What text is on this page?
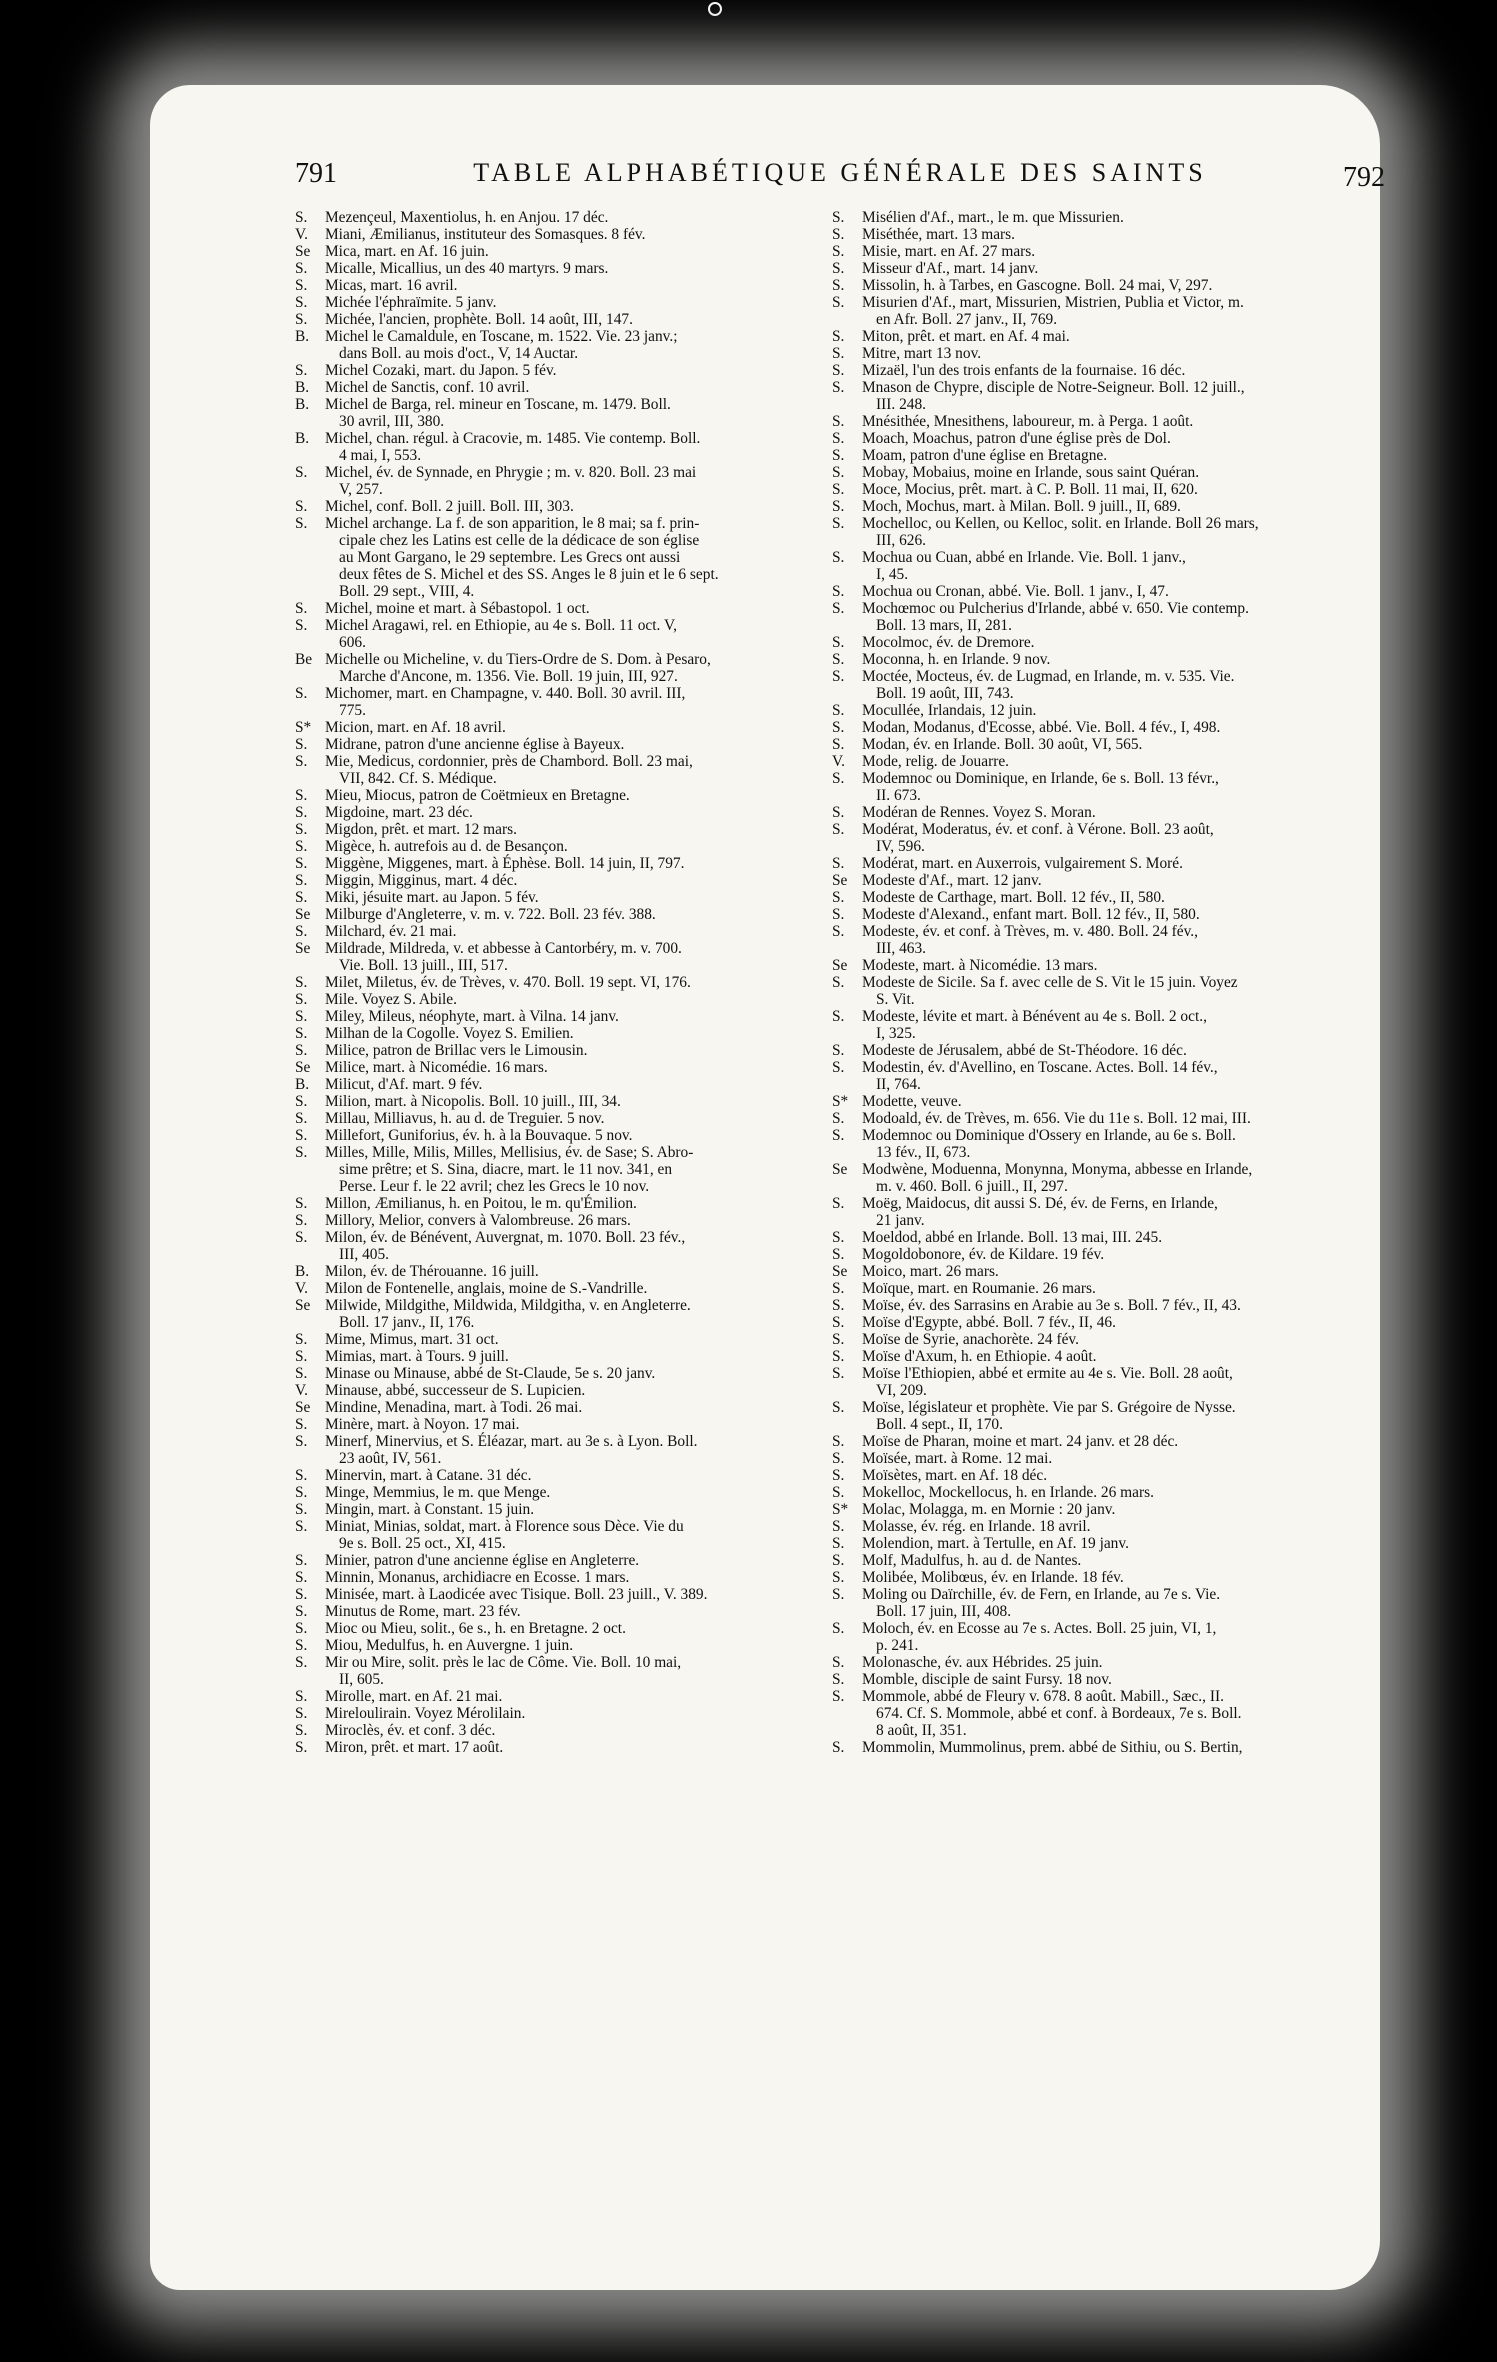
791	TABLE ALPHABÉTIQUE GÉNÉRALE DES SAINTS	792
S.	Mezençeul, Maxentiolus, h. en Anjou. 17 déc.
V.	Miani, Æmilianus, instituteur des Somasques. 8 fév.
Se Mica, mart. en Af. 16 juin.
S.	Micalle, Micallius, un des 40 martyrs. 9 mars.
S.	Micas, mart. 16 avril.
S.	Michée l'éphraïmite. 5 janv.
S.	Michée, l'ancien, prophète. Boll. 14 août, III, 147.
B.	Michel le Camaldule, en Toscane, m. 1522. Vie. 23 janv.;
dans Boll. au mois d'oct., V, 14 Auctar.
S.	Michel Cozaki, mart. du Japon. 5 fév.
B.	Michel de Sanctis, conf. 10 avril.
B.	Michel de Barga, rel. mineur en Toscane, m. 1479. Boll.
30 avril, III, 380.
B.	Michel, chan. régul. à Cracovie, m. 1485. Vie contemp. Boll.
4 mai, I, 553.
S.	Michel, év. de Synnade, en Phrygie ; m. v. 820. Boll. 23 mai
V, 257.
S.	Michel, conf. Boll. 2 juill. Boll. III, 303.
S.	Michel archange. La f. de son apparition, le 8 mai; sa f. prin-
cipale chez les Latins est celle de la dédicace de son église
au Mont Gargano, le 29 septembre. Les Grecs ont aussi
deux fêtes de S. Michel et des SS. Anges le 8 juin et le 6 sept.
Boll. 29 sept., VIII, 4.
S.	Michel, moine et mart. à Sébastopol. 1 oct.
S.	Michel Aragawi, rel. en Ethiopie, au 4e s. Boll. 11 oct. V,
606.
Be Michelle ou Micheline, v. du Tiers-Ordre de S. Dom. à Pesaro,
Marche d'Ancone, m. 1356. Vie. Boll. 19 juin, III, 927.
S.	Michomer, mart. en Champagne, v. 440. Boll. 30 avril. III,
775.
S* Micion, mart. en Af. 18 avril.
S.	Midrane, patron d'une ancienne église à Bayeux.
S.	Mie, Medicus, cordonnier, près de Chambord. Boll. 23 mai,
VII, 842. Cf. S. Médique.
S.	Mieu, Miocus, patron de Coëtmieux en Bretagne.
S.	Migdoine, mart. 23 déc.
S.	Migdon, prêt. et mart. 12 mars.
S.	Migèce, h. autrefois au d. de Besançon.
S.	Miggène, Miggenes, mart. à Éphèse. Boll. 14 juin, II, 797.
S.	Miggin, Migginus, mart. 4 déc.
S.	Miki, jésuite mart. au Japon. 5 fév.
Se Milburge d'Angleterre, v. m. v. 722. Boll. 23 fév. 388.
S.	Milchard, év. 21 mai.
Se Mildrade, Mildreda, v. et abbesse à Cantorbéry, m. v. 700.
Vie. Boll. 13 juill., III, 517.
S.	Milet, Miletus, év. de Trèves, v. 470. Boll. 19 sept. VI, 176.
S.	Mile. Voyez S. Abile.
S.	Miley, Mileus, néophyte, mart. à Vilna. 14 janv.
S.	Milhan de la Cogolle. Voyez S. Emilien.
S.	Milice, patron de Brillac vers le Limousin.
Se Milice, mart. à Nicomédie. 16 mars.
B.	Milicut, d'Af. mart. 9 fév.
S.	Milion, mart. à Nicopolis. Boll. 10 juill., III, 34.
S.	Millau, Milliavus, h. au d. de Treguier. 5 nov.
S.	Millefort, Guniforius, év. h. à la Bouvaque. 5 nov.
S.	Milles, Mille, Milis, Milles, Mellisius, év. de Sase; S. Abro-
sime prêtre; et S. Sina, diacre, mart. le 11 nov. 341, en
Perse. Leur f. le 22 avril; chez les Grecs le 10 nov.
S.	Millon, Æmilianus, h. en Poitou, le m. qu'Émilion.
S.	Millory, Melior, convers à Valombreuse. 26 mars.
S.	Milon, év. de Bénévent, Auvergnat, m. 1070. Boll. 23 fév.,
III, 405.
B.	Milon, év. de Thérouanne. 16 juill.
V.	Milon de Fontenelle, anglais, moine de S.-Vandrille.
Se Milwide, Mildgithe, Mildwida, Mildgitha, v. en Angleterre.
Boll. 17 janv., II, 176.
S.	Mime, Mimus, mart. 31 oct.
S.	Mimias, mart. à Tours. 9 juill.
S.	Minase ou Minause, abbé de St-Claude, 5e s. 20 janv.
V.	Minause, abbé, successeur de S. Lupicien.
Se Mindine, Menadina, mart. à Todi. 26 mai.
S.	Minère, mart. à Noyon. 17 mai.
S.	Minerf, Minervius, et S. Éléazar, mart. au 3e s. à Lyon. Boll.
23 août, IV, 561.
S.	Minervin, mart. à Catane. 31 déc.
S.	Minge, Memmius, le m. que Menge.
S.	Mingin, mart. à Constant. 15 juin.
S.	Miniat, Minias, soldat, mart. à Florence sous Dèce. Vie du
9e s. Boll. 25 oct., XI, 415.
S.	Minier, patron d'une ancienne église en Angleterre.
S.	Minnin, Monanus, archidiacre en Ecosse. 1 mars.
S.	Minisée, mart. à Laodicée avec Tisique. Boll. 23 juill., V. 389.
S.	Minutus de Rome, mart. 23 fév.
S.	Mioc ou Mieu, solit., 6e s., h. en Bretagne. 2 oct.
S.	Miou, Medulfus, h. en Auvergne. 1 juin.
S.	Mir ou Mire, solit. près le lac de Côme. Vie. Boll. 10 mai,
II, 605.
S.	Mirolle, mart. en Af. 21 mai.
S.	Mireloulirain. Voyez Mérolilain.
S.	Miroclès, év. et conf. 3 déc.
S.	Miron, prêt. et mart. 17 août.
S.	Misélien d'Af., mart., le m. que Missurien.
S.	Miséthée, mart. 13 mars.
S.	Misie, mart. en Af. 27 mars.
S.	Misseur d'Af., mart. 14 janv.
S.	Missolin, h. à Tarbes, en Gascogne. Boll. 24 mai, V, 297.
S.	Misurien d'Af., mart, Missurien, Mistrien, Publia et Victor, m.
en Afr. Boll. 27 janv., II, 769.
S.	Miton, prêt. et mart. en Af. 4 mai.
S.	Mitre, mart 13 nov.
S.	Mizaël, l'un des trois enfants de la fournaise. 16 déc.
S.	Mnason de Chypre, disciple de Notre-Seigneur. Boll. 12 juill.,
III. 248.
S.	Mnésithée, Mnesithens, laboureur, m. à Perga. 1 août.
S.	Moach, Moachus, patron d'une église près de Dol.
S.	Moam, patron d'une église en Bretagne.
S.	Mobay, Mobaius, moine en Irlande, sous saint Quéran.
S.	Moce, Mocius, prêt. mart. à C. P. Boll. 11 mai, II, 620.
S.	Moch, Mochus, mart. à Milan. Boll. 9 juill., II, 689.
S.	Mochelloc, ou Kellen, ou Kelloc, solit. en Irlande. Boll 26 mars,
III, 626.
S.	Mochua ou Cuan, abbé en Irlande. Vie. Boll. 1 janv.,
I, 45.
S.	Mochua ou Cronan, abbé. Vie. Boll. 1 janv., I, 47.
S.	Mochœmoc ou Pulcherius d'Irlande, abbé v. 650. Vie contemp.
Boll. 13 mars, II, 281.
S.	Mocolmoc, év. de Dremore.
S.	Moconna, h. en Irlande. 9 nov.
S.	Moctée, Mocteus, év. de Lugmad, en Irlande, m. v. 535. Vie.
Boll. 19 août, III, 743.
S.	Mocullée, Irlandais, 12 juin.
S.	Modan, Modanus, d'Ecosse, abbé. Vie. Boll. 4 fév., I, 498.
S.	Modan, év. en Irlande. Boll. 30 août, VI, 565.
V.	Mode, relig. de Jouarre.
S.	Modemnoc ou Dominique, en Irlande, 6e s. Boll. 13 févr.,
II. 673.
S.	Modéran de Rennes. Voyez S. Moran.
S.	Modérat, Moderatus, év. et conf. à Vérone. Boll. 23 août,
IV, 596.
S.	Modérat, mart. en Auxerrois, vulgairement S. Moré.
Se Modeste d'Af., mart. 12 janv.
S.	Modeste de Carthage, mart. Boll. 12 fév., II, 580.
S.	Modeste d'Alexand., enfant mart. Boll. 12 fév., II, 580.
S.	Modeste, év. et conf. à Trèves, m. v. 480. Boll. 24 fév.,
III, 463.
Se Modeste, mart. à Nicomédie. 13 mars.
S.	Modeste de Sicile. Sa f. avec celle de S. Vit le 15 juin. Voyez
S. Vit.
S.	Modeste, lévite et mart. à Bénévent au 4e s. Boll. 2 oct.,
I, 325.
S.	Modeste de Jérusalem, abbé de St-Théodore. 16 déc.
S.	Modestin, év. d'Avellino, en Toscane. Actes. Boll. 14 fév.,
II, 764.
S* Modette, veuve.
S.	Modoald, év. de Trèves, m. 656. Vie du 11e s. Boll. 12 mai, III.
S.	Modemnoc ou Dominique d'Ossery en Irlande, au 6e s. Boll.
13 fév., II, 673.
Se Modwène, Moduenna, Monynna, Monyma, abbesse en Irlande,
m. v. 460. Boll. 6 juill., II, 297.
S.	Moëg, Maidocus, dit aussi S. Dé, év. de Ferns, en Irlande,
21 janv.
S.	Moeldod, abbé en Irlande. Boll. 13 mai, III. 245.
S.	Mogoldobonore, év. de Kildare. 19 fév.
Se Moico, mart. 26 mars.
S.	Moïque, mart. en Roumanie. 26 mars.
S.	Moïse, év. des Sarrasins en Arabie au 3e s. Boll. 7 fév., II, 43.
S.	Moïse d'Egypte, abbé. Boll. 7 fév., II, 46.
S.	Moïse de Syrie, anachorète. 24 fév.
S.	Moïse d'Axum, h. en Ethiopie. 4 août.
S.	Moïse l'Ethiopien, abbé et ermite au 4e s. Vie. Boll. 28 août,
VI, 209.
S.	Moïse, législateur et prophète. Vie par S. Grégoire de Nysse.
Boll. 4 sept., II, 170.
S.	Moïse de Pharan, moine et mart. 24 janv. et 28 déc.
S.	Moïsée, mart. à Rome. 12 mai.
S.	Moïsètes, mart. en Af. 18 déc.
S.	Mokelloc, Mockellocus, h. en Irlande. 26 mars.
S* Molac, Molagga, m. en Mornie : 20 janv.
S.	Molasse, év. rég. en Irlande. 18 avril.
S.	Molendion, mart. à Tertulle, en Af. 19 janv.
S.	Molf, Madulfus, h. au d. de Nantes.
S.	Molibée, Molibœus, év. en Irlande. 18 fév.
S.	Moling ou Daïrchille, év. de Fern, en Irlande, au 7e s. Vie.
Boll. 17 juin, III, 408.
S.	Moloch, év. en Ecosse au 7e s. Actes. Boll. 25 juin, VI, 1,
p. 241.
S.	Molonasche, év. aux Hébrides. 25 juin.
S.	Momble, disciple de saint Fursy. 18 nov.
S.	Mommole, abbé de Fleury v. 678. 8 août. Mabill., Sæc., II.
674. Cf. S. Mommole, abbé et conf. à Bordeaux, 7e s. Boll.
8 août, II, 351.
S.	Mommolin, Mummolinus, prem. abbé de Sithiu, ou S. Bertin,
